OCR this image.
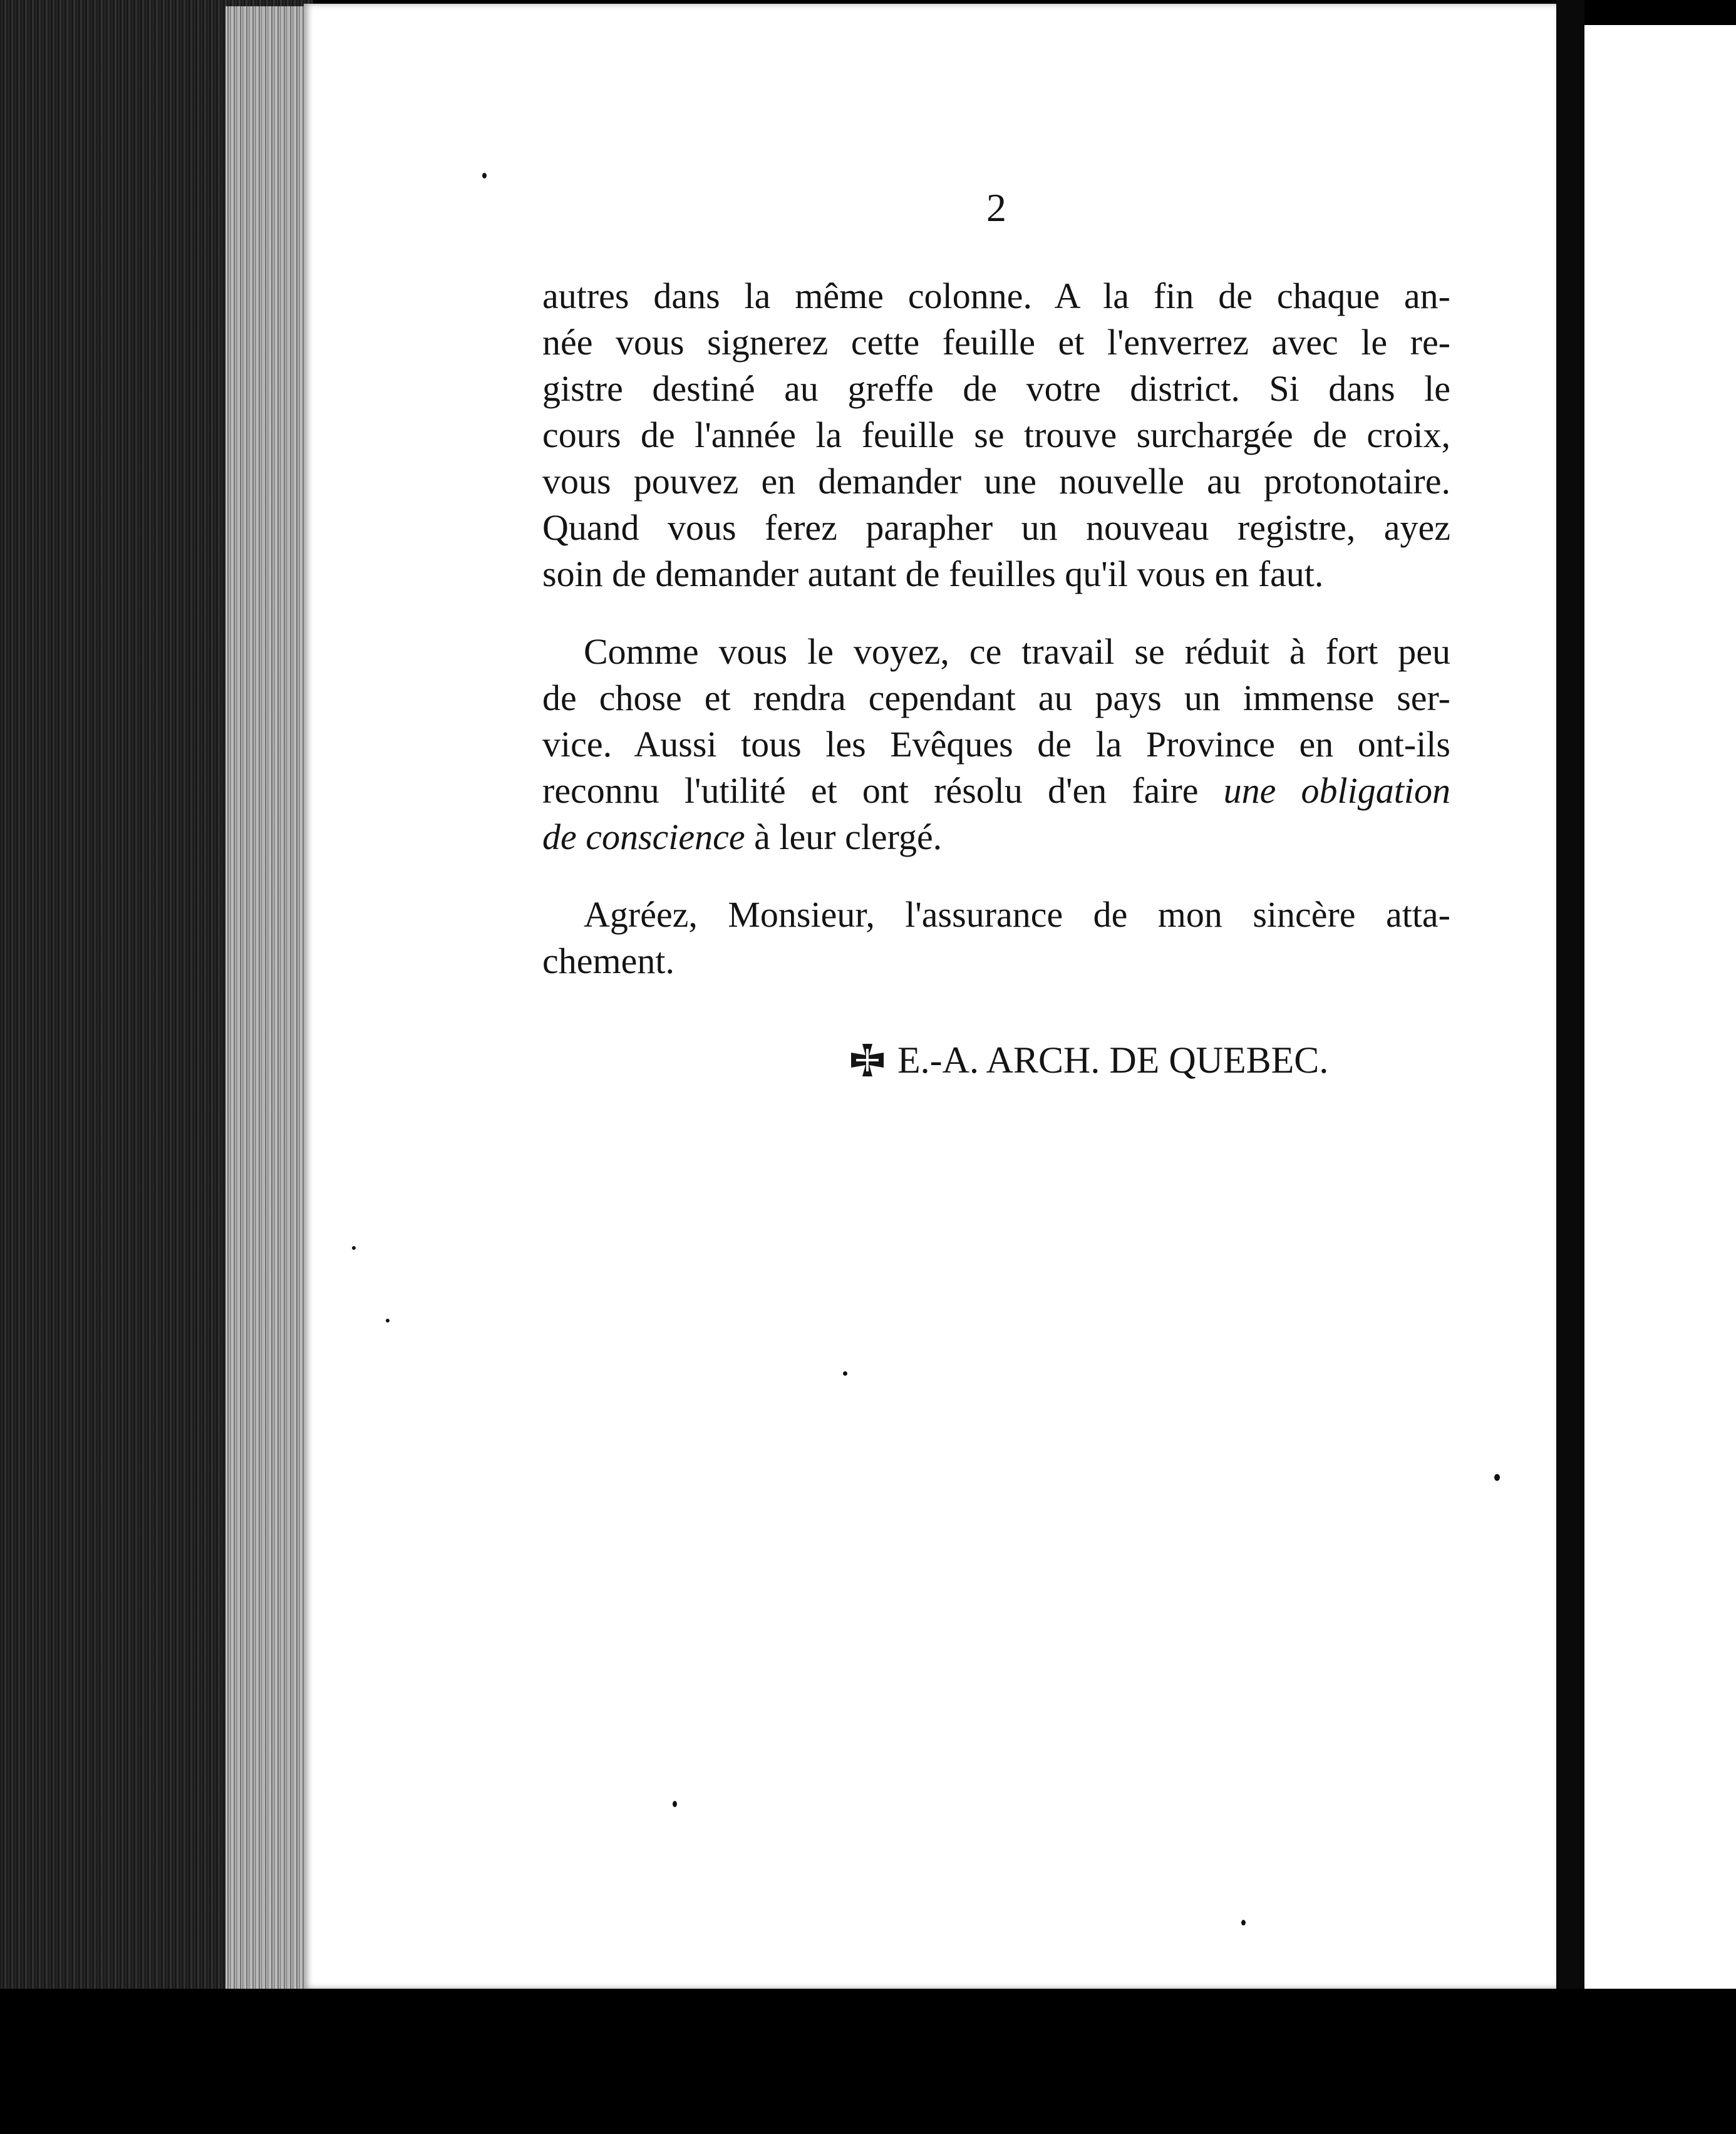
2
autres dans la même colonne. A la fin de chaque an-
née vous signerez cette feuille et l'enverrez avec le re-
gistre destiné au greffe de votre district. Si dans le
cours de l'année la feuille se trouve surchargée de croix,
vous pouvez en demander une nouvelle au protonotaire.
Quand vous ferez parapher un nouveau registre, ayez
soin de demander autant de feuilles qu'il vous en faut.
Comme vous le voyez, ce travail se réduit à fort peu
de chose et rendra cependant au pays un immense ser-
vice. Aussi tous les Evêques de la Province en ont-ils
reconnu l'utilité et ont résolu d'en faire une obligation
de conscience à leur clergé.
Agréez, Monsieur, l'assurance de mon sincère atta-
chement.
E.-A. ARCH. DE QUEBEC.
